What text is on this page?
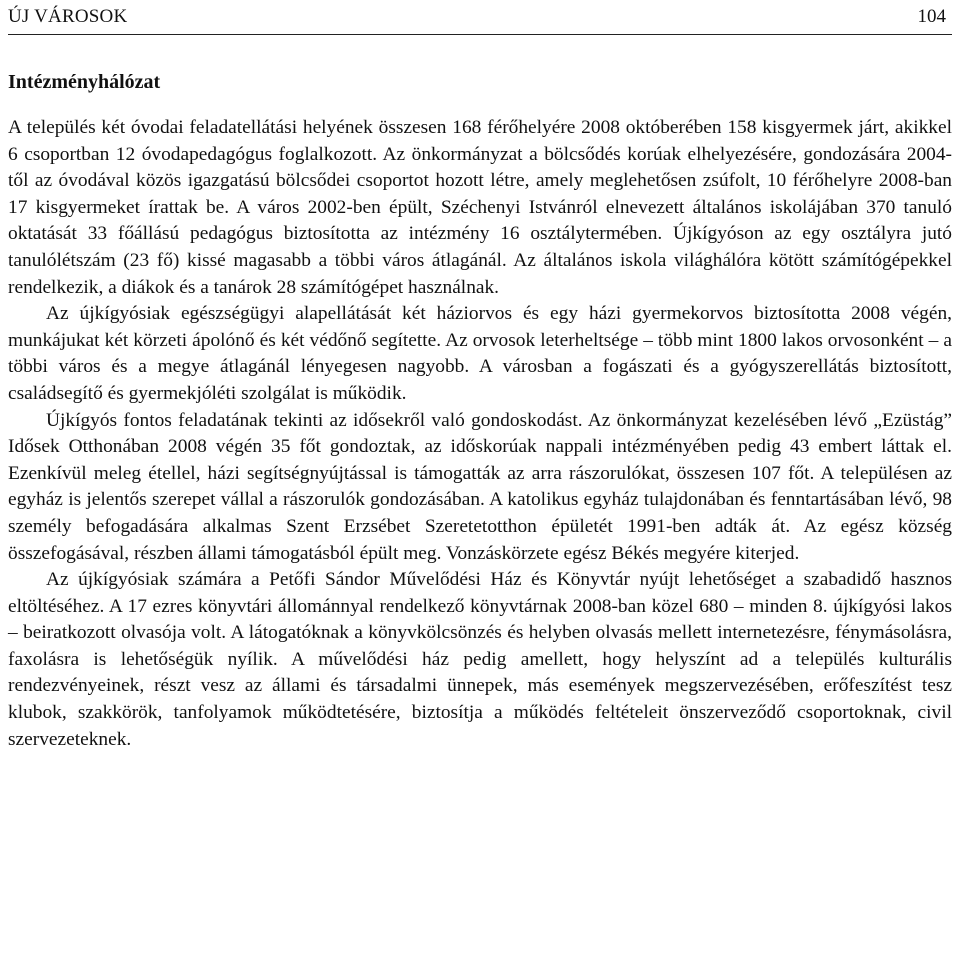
ÚJ VÁROSOK	104
Intézményhálózat

A település két óvodai feladatellátási helyének összesen 168 férőhelyére 2008 októberében 158 kisgyermek járt, akikkel 6 csoportban 12 óvodapedagógus foglalkozott. Az önkormányzat a bölcsődés korúak elhelyezésére, gondozására 2004-től az óvodával közös igazgatású bölcsődei csoportot hozott létre, amely meglehetősen zsúfolt, 10 férőhelyre 2008-ban 17 kisgyermeket írattak be. A város 2002-ben épült, Széchenyi Istvánról elnevezett általános iskolájában 370 tanuló oktatását 33 főállású pedagógus biztosította az intézmény 16 osztálytermében. Újkígyóson az egy osztályra jutó tanulólétszám (23 fő) kissé magasabb a többi város átlagánál. Az általános iskola világhálóra kötött számítógépekkel rendelkezik, a diákok és a tanárok 28 számítógépet használnak.

Az újkígyósiak egészségügyi alapellátását két háziorvos és egy házi gyermekorvos biztosította 2008 végén, munkájukat két körzeti ápolónő és két védőnő segítette. Az orvosok leterheltsége – több mint 1800 lakos orvosonként – a többi város és a megye átlagánál lényegesen nagyobb. A városban a fogászati és a gyógyszerellátás biztosított, családsegítő és gyermekjóléti szolgálat is működik.

Újkígyós fontos feladatának tekinti az idősekről való gondoskodást. Az önkormányzat kezelésében lévő „Ezüstág” Idősek Otthonában 2008 végén 35 főt gondoztak, az időskorúak nappali intézményében pedig 43 embert láttak el. Ezenkívül meleg étellel, házi segítségnyújtással is támogatták az arra rászorulókat, összesen 107 főt. A településen az egyház is jelentős szerepet vállal a rászorulók gondozásában. A katolikus egyház tulajdonában és fenntartásában lévő, 98 személy befogadására alkalmas Szent Erzsébet Szeretetotthon épületét 1991-ben adták át. Az egész község összefogásával, részben állami támogatásból épült meg. Vonzáskörzete egész Békés megyére kiterjed.

Az újkígyósiak számára a Petőfi Sándor Művelődési Ház és Könyvtár nyújt lehetőséget a szabadidő hasznos eltöltéséhez. A 17 ezres könyvtári állománnyal rendelkező könyvtárnak 2008-ban közel 680 – minden 8. újkígyósi lakos – beiratkozott olvasója volt. A látogatóknak a könyvkölcsönzés és helyben olvasás mellett internetezésre, fénymásolásra, faxolásra is lehetőségük nyílik. A művelődési ház pedig amellett, hogy helyszínt ad a település kulturális rendezvényeinek, részt vesz az állami és társadalmi ünnepek, más események megszervezésében, erőfeszítést tesz klubok, szakkörök, tanfolyamok működtetésére, biztosítja a működés feltételeit önszerveződő csoportoknak, civil szervezeteknek.
